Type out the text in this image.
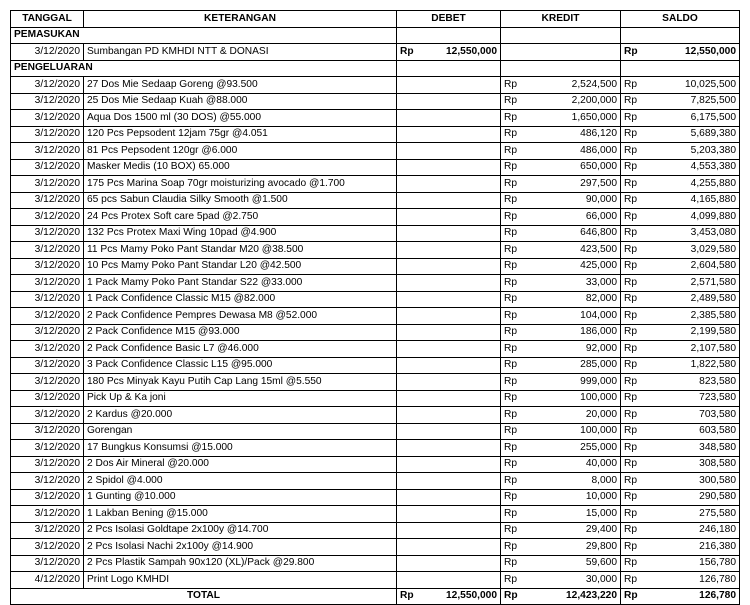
TANGGAL	KETERANGAN	DEBET	KREDIT	SALDO
PEMASUKAN				
3/12/2020	Sumbangan PD KMHDI NTT & DONASI	Rp 12,550,000		Rp 12,550,000

PENGELUARAN				
3/12/2020	27 Dos Mie Sedaap Goreng @93.500		Rp 2,524,500	Rp 10,025,500

3/12/2020	25 Dos Mie Sedaap Kuah @88.000		Rp 2,200,000	Rp 7,825,500

3/12/2020	Aqua Dos 1500 ml (30 DOS) @55.000		Rp 1,650,000	Rp 6,175,500

3/12/2020	120 Pcs Pepsodent 12jam 75gr @4.051		Rp 486,120	Rp 5,689,380

3/12/2020	81 Pcs Pepsodent 120gr @6.000		Rp 486,000	Rp 5,203,380

3/12/2020	Masker Medis (10 BOX) 65.000		Rp 650,000	Rp 4,553,380

3/12/2020	175 Pcs Marina Soap 70gr moisturizing avocado @1.700		Rp 297,500	Rp 4,255,880

3/12/2020	65 pcs Sabun Claudia Silky Smooth @1.500		Rp 90,000	Rp 4,165,880

3/12/2020	24 Pcs Protex Soft care 5pad @2.750		Rp 66,000	Rp 4,099,880

3/12/2020	132 Pcs Protex Maxi Wing 10pad @4.900		Rp 646,800	Rp 3,453,080

3/12/2020	11 Pcs Mamy Poko Pant Standar M20 @38.500		Rp 423,500	Rp 3,029,580

3/12/2020	10 Pcs Mamy Poko Pant Standar L20 @42.500		Rp 425,000	Rp 2,604,580

3/12/2020	1 Pack Mamy Poko Pant Standar S22 @33.000		Rp 33,000	Rp 2,571,580

3/12/2020	1 Pack Confidence Classic M15 @82.000		Rp 82,000	Rp 2,489,580

3/12/2020	2 Pack Confidence Pempres Dewasa M8 @52.000		Rp 104,000	Rp 2,385,580

3/12/2020	2 Pack Confidence M15 @93.000		Rp 186,000	Rp 2,199,580

3/12/2020	2 Pack Confidence Basic L7 @46.000		Rp 92,000	Rp 2,107,580

3/12/2020	3 Pack Confidence Classic L15 @95.000		Rp 285,000	Rp 1,822,580

3/12/2020	180 Pcs Minyak Kayu Putih Cap Lang 15ml @5.550		Rp 999,000	Rp 823,580

3/12/2020	Pick Up & Ka joni		Rp 100,000	Rp 723,580

3/12/2020	2 Kardus @20.000		Rp 20,000	Rp 703,580

3/12/2020	Gorengan		Rp 100,000	Rp 603,580

3/12/2020	17 Bungkus Konsumsi @15.000		Rp 255,000	Rp 348,580

3/12/2020	2 Dos Air Mineral @20.000		Rp 40,000	Rp 308,580

3/12/2020	2 Spidol @4.000		Rp 8,000	Rp 300,580

3/12/2020	1 Gunting @10.000		Rp 10,000	Rp 290,580

3/12/2020	1 Lakban Bening @15.000		Rp 15,000	Rp 275,580

3/12/2020	2 Pcs Isolasi Goldtape 2x100y @14.700		Rp 29,400	Rp 246,180

3/12/2020	2 Pcs Isolasi Nachi 2x100y @14.900		Rp 29,800	Rp 216,380

3/12/2020	2 Pcs Plastik Sampah 90x120 (XL)/Pack @29.800		Rp 59,600	Rp 156,780

4/12/2020	Print Logo KMHDI		Rp 30,000	Rp 126,780

TOTAL		Rp 12,550,000	Rp 12,423,220	Rp 126,780
